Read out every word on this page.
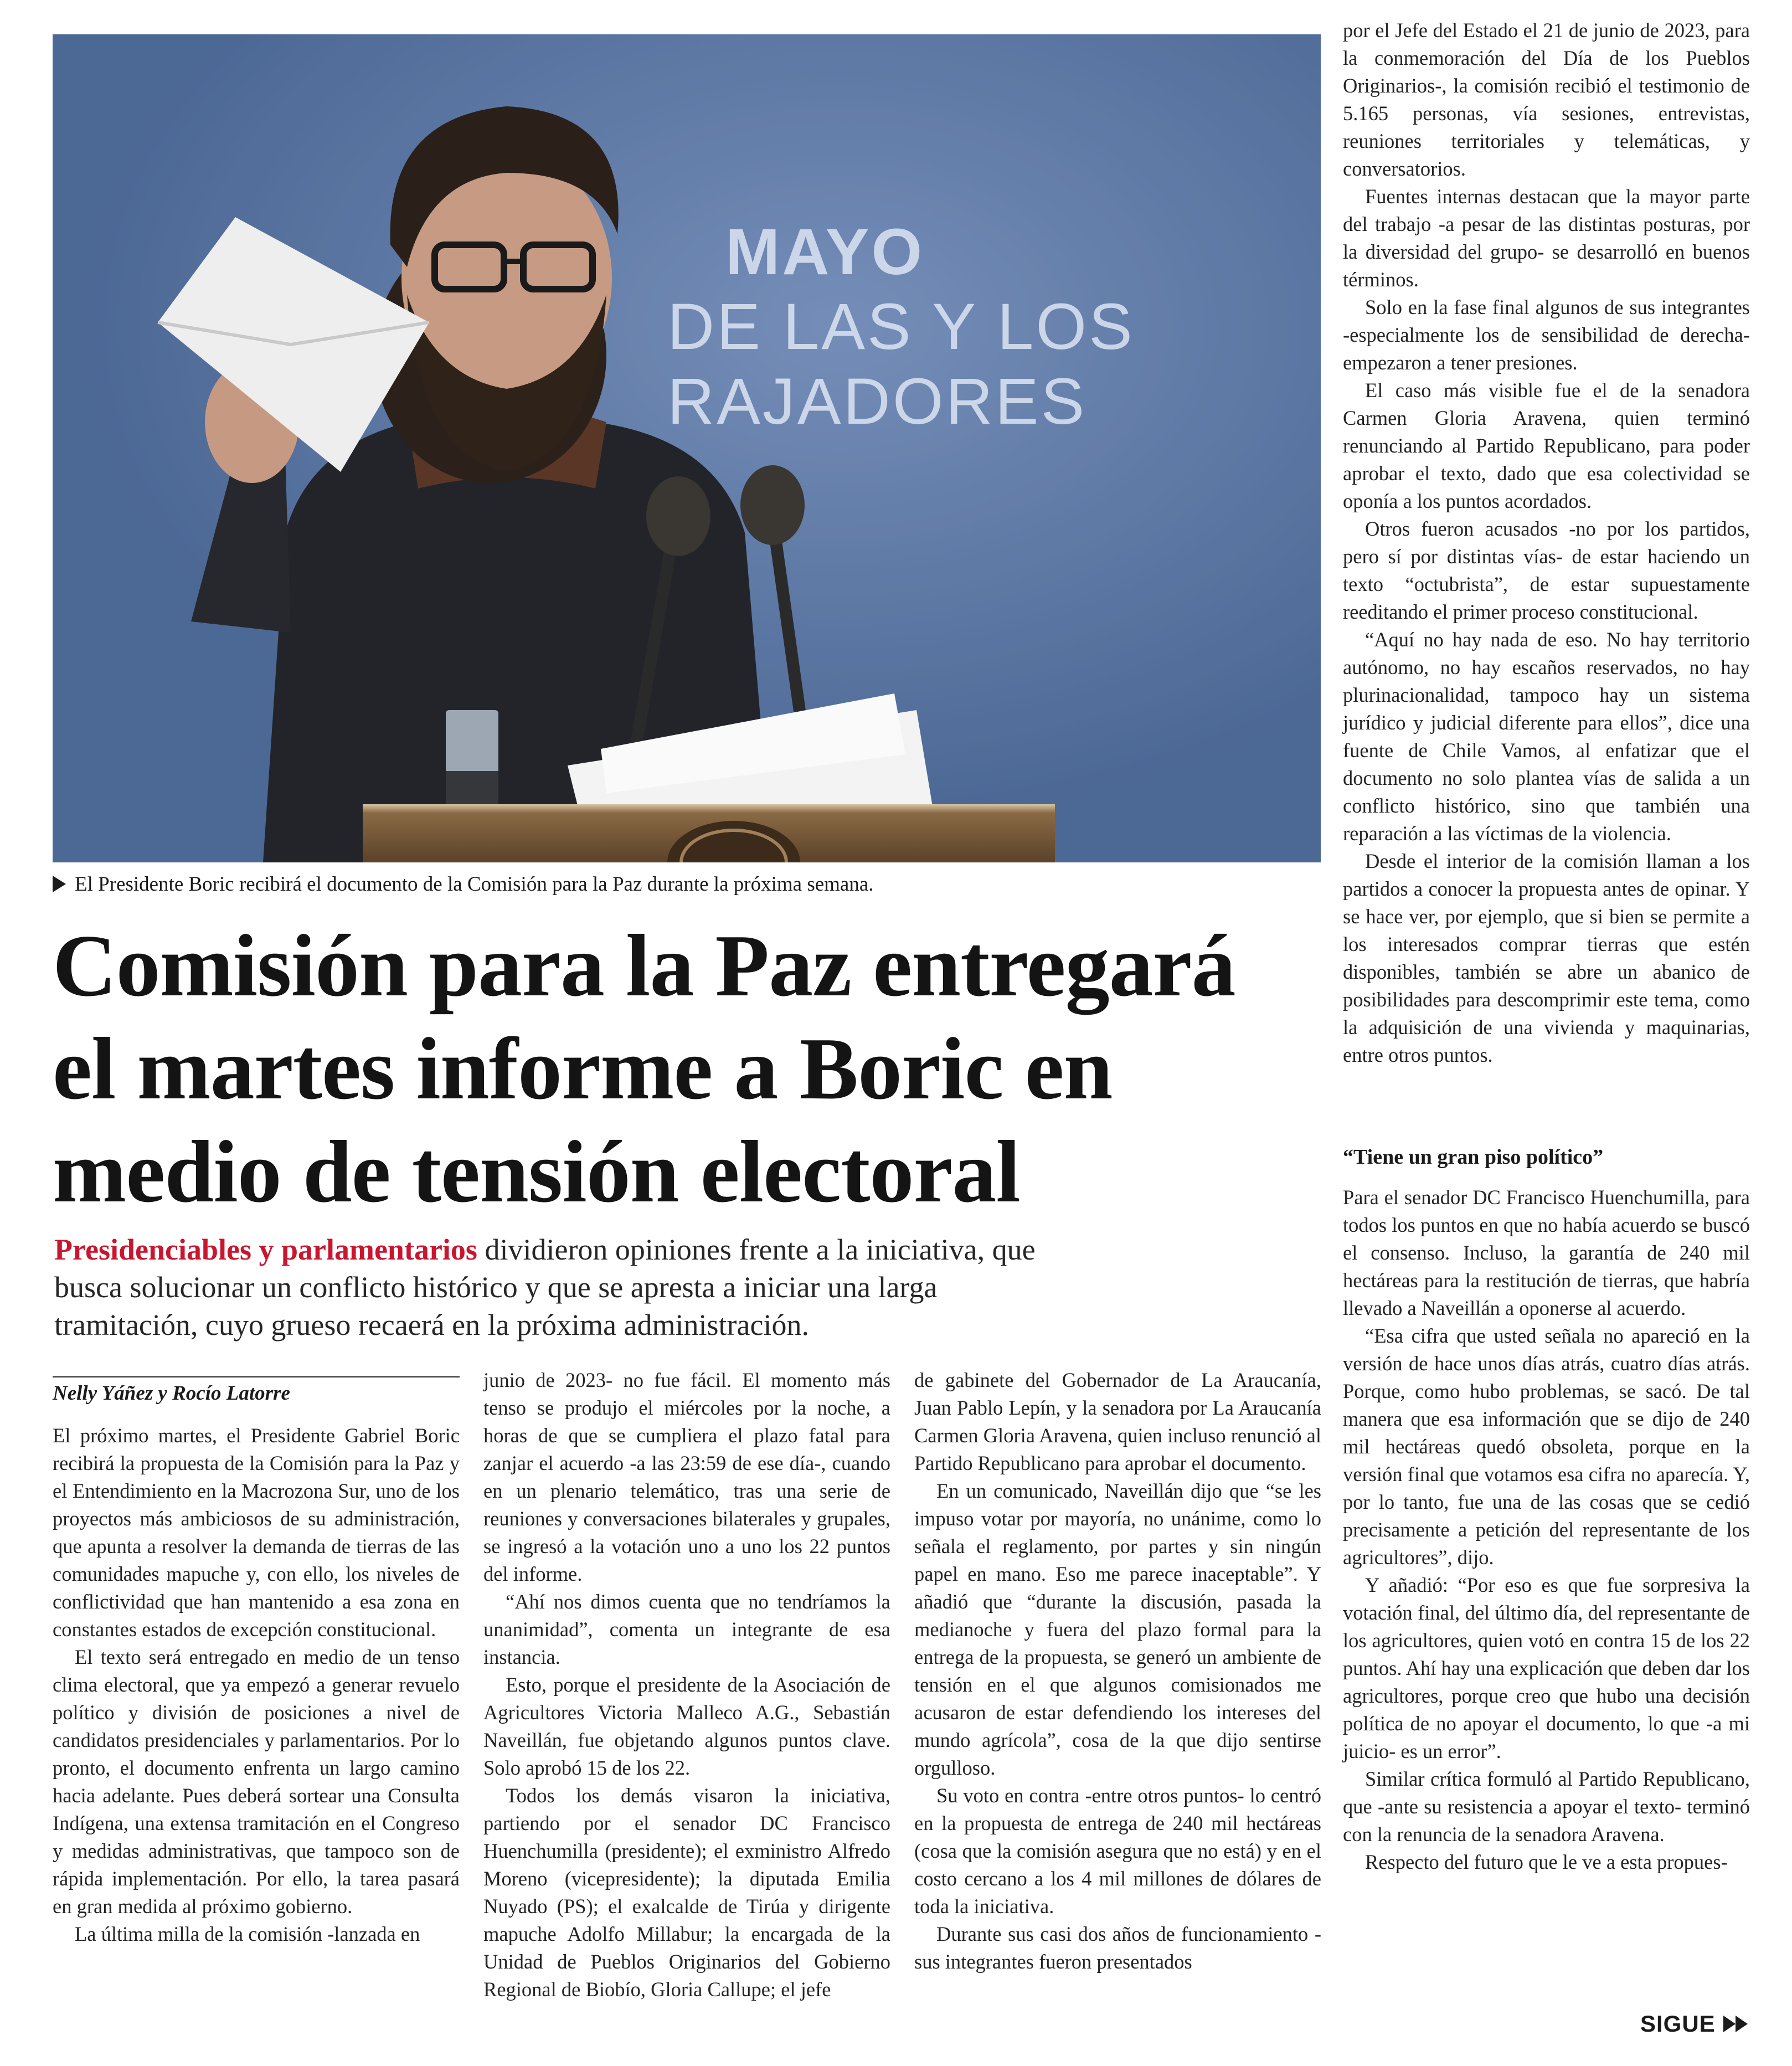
MAYO
DE LAS Y LOS
RAJADORES
El Presidente Boric recibirá el documento de la Comisión para la Paz durante la próxima semana.
Comisión para la Paz entregará
el martes informe a Boric en
medio de tensión electoral
Presidenciables y parlamentarios dividieron opiniones frente a la iniciativa, que
busca solucionar un conflicto histórico y que se apresta a iniciar una larga
tramitación, cuyo grueso recaerá en la próxima administración.
Nelly Yáñez y Rocío Latorre

El próximo martes, el Presidente Gabriel Boric recibirá la propuesta de la Comisión para la Paz y el Entendimiento en la Macrozona Sur, uno de los proyectos más ambiciosos de su administración, que apunta a resolver la demanda de tierras de las comunidades mapuche y, con ello, los niveles de conflictividad que han mantenido a esa zona en constantes estados de excepción constitucional.

El texto será entregado en medio de un tenso clima electoral, que ya empezó a generar revuelo político y división de posiciones a nivel de candidatos presidenciales y parlamentarios. Por lo pronto, el documento enfrenta un largo camino hacia adelante. Pues deberá sortear una Consulta Indígena, una extensa tramitación en el Congreso y medidas administrativas, que tampoco son de rápida implementación. Por ello, la tarea pasará en gran medida al próximo gobierno.

La última milla de la comisión -lanzada en

junio de 2023- no fue fácil. El momento más tenso se produjo el miércoles por la noche, a horas de que se cumpliera el plazo fatal para zanjar el acuerdo -a las 23:59 de ese día-, cuando en un plenario telemático, tras una serie de reuniones y conversaciones bilaterales y grupales, se ingresó a la votación uno a uno los 22 puntos del informe.

“Ahí nos dimos cuenta que no tendríamos la unanimidad”, comenta un integrante de esa instancia.

Esto, porque el presidente de la Asociación de Agricultores Victoria Malleco A.G., Sebastián Naveillán, fue objetando algunos puntos clave. Solo aprobó 15 de los 22.

Todos los demás visaron la iniciativa, partiendo por el senador DC Francisco Huenchumilla (presidente); el exministro Alfredo Moreno (vicepresidente); la diputada Emilia Nuyado (PS); el exalcalde de Tirúa y dirigente mapuche Adolfo Millabur; la encargada de la Unidad de Pueblos Originarios del Gobierno Regional de Biobío, Gloria Callupe; el jefe

de gabinete del Gobernador de La Araucanía, Juan Pablo Lepín, y la senadora por La Araucanía Carmen Gloria Aravena, quien incluso renunció al Partido Republicano para aprobar el documento.

En un comunicado, Naveillán dijo que “se les impuso votar por mayoría, no unánime, como lo señala el reglamento, por partes y sin ningún papel en mano. Eso me parece inaceptable”. Y añadió que “durante la discusión, pasada la medianoche y fuera del plazo formal para la entrega de la propuesta, se generó un ambiente de tensión en el que algunos comisionados me acusaron de estar defendiendo los intereses del mundo agrícola”, cosa de la que dijo sentirse orgulloso.

Su voto en contra -entre otros puntos- lo centró en la propuesta de entrega de 240 mil hectáreas (cosa que la comisión asegura que no está) y en el costo cercano a los 4 mil millones de dólares de toda la iniciativa.

Durante sus casi dos años de funcionamiento -sus integrantes fueron presentados

por el Jefe del Estado el 21 de junio de 2023, para la conmemoración del Día de los Pueblos Originarios-, la comisión recibió el testimonio de 5.165 personas, vía sesiones, entrevistas, reuniones territoriales y telemáticas, y conversatorios.

Fuentes internas destacan que la mayor parte del trabajo -a pesar de las distintas posturas, por la diversidad del grupo- se desarrolló en buenos términos.

Solo en la fase final algunos de sus integrantes -especialmente los de sensibilidad de derecha- empezaron a tener presiones.

El caso más visible fue el de la senadora Carmen Gloria Aravena, quien terminó renunciando al Partido Republicano, para poder aprobar el texto, dado que esa colectividad se oponía a los puntos acordados.

Otros fueron acusados -no por los partidos, pero sí por distintas vías- de estar haciendo un texto “octubrista”, de estar supuestamente reeditando el primer proceso constitucional.

“Aquí no hay nada de eso. No hay territorio autónomo, no hay escaños reservados, no hay plurinacionalidad, tampoco hay un sistema jurídico y judicial diferente para ellos”, dice una fuente de Chile Vamos, al enfatizar que el documento no solo plantea vías de salida a un conflicto histórico, sino que también una reparación a las víctimas de la violencia.

Desde el interior de la comisión llaman a los partidos a conocer la propuesta antes de opinar. Y se hace ver, por ejemplo, que si bien se permite a los interesados comprar tierras que estén disponibles, también se abre un abanico de posibilidades para descomprimir este tema, como la adquisición de una vivienda y maquinarias, entre otros puntos.

“Tiene un gran piso político”

Para el senador DC Francisco Huenchumilla, para todos los puntos en que no había acuerdo se buscó el consenso. Incluso, la garantía de 240 mil hectáreas para la restitución de tierras, que habría llevado a Naveillán a oponerse al acuerdo.

“Esa cifra que usted señala no apareció en la versión de hace unos días atrás, cuatro días atrás. Porque, como hubo problemas, se sacó. De tal manera que esa información que se dijo de 240 mil hectáreas quedó obsoleta, porque en la versión final que votamos esa cifra no aparecía. Y, por lo tanto, fue una de las cosas que se cedió precisamente a petición del representante de los agricultores”, dijo.

Y añadió: “Por eso es que fue sorpresiva la votación final, del último día, del representante de los agricultores, quien votó en contra 15 de los 22 puntos. Ahí hay una explicación que deben dar los agricultores, porque creo que hubo una decisión política de no apoyar el documento, lo que -a mi juicio- es un error”.

Similar crítica formuló al Partido Republicano, que -ante su resistencia a apoyar el texto- terminó con la renuncia de la senadora Aravena.

Respecto del futuro que le ve a esta propues-

SIGUE
